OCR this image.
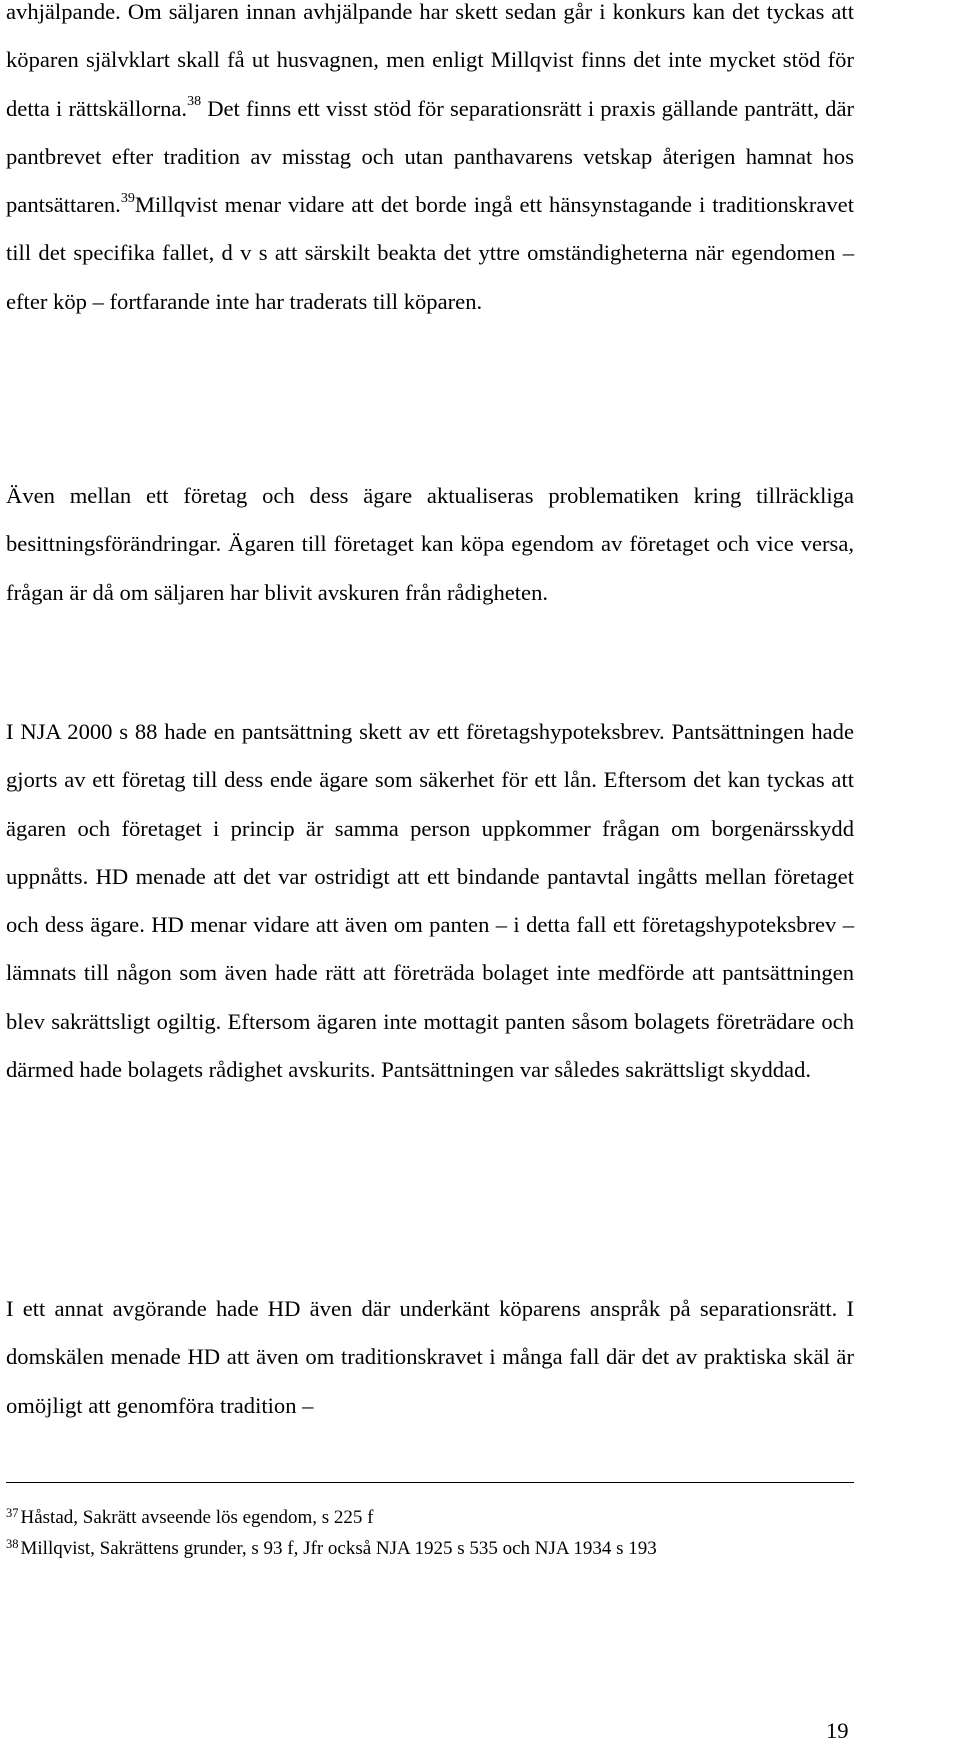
avhjälpande. Om säljaren innan avhjälpande har skett sedan går i konkurs kan det tyckas att köparen självklart skall få ut husvagnen, men enligt Millqvist finns det inte mycket stöd för detta i rättskällorna.$^{38}$ Det finns ett visst stöd för separationsrätt i praxis gällande panträtt, där pantbrevet efter tradition av misstag och utan panthavarens vetskap återigen hamnat hos pantsättaren.$^{39}$Millqvist menar vidare att det borde ingå ett hänsynstagande i traditionskravet till det specifika fallet, d v s att särskilt beakta det yttre omständigheterna när egendomen – efter köp – fortfarande inte har traderats till köparen.

Även mellan ett företag och dess ägare aktualiseras problematiken kring tillräckliga besittningsförändringar. Ägaren till företaget kan köpa egendom av företaget och vice versa, frågan är då om säljaren har blivit avskuren från rådigheten.

I NJA 2000 s 88 hade en pantsättning skett av ett företagshypoteksbrev. Pantsättningen hade gjorts av ett företag till dess ende ägare som säkerhet för ett lån. Eftersom det kan tyckas att ägaren och företaget i princip är samma person uppkommer frågan om borgenärsskydd uppnåtts. HD menade att det var ostridigt att ett bindande pantavtal ingåtts mellan företaget och dess ägare. HD menar vidare att även om panten – i detta fall ett företagshypoteksbrev – lämnats till någon som även hade rätt att företräda bolaget inte medförde att pantsättningen blev sakrättsligt ogiltig. Eftersom ägaren inte mottagit panten såsom bolagets företrädare och därmed hade bolagets rådighet avskurits. Pantsättningen var således sakrättsligt skyddad.

I ett annat avgörande hade HD även där underkänt köparens anspråk på separationsrätt. I domskälen menade HD att även om traditionskravet i många fall där det av praktiska skäl är omöjligt att genomföra tradition –

$^{37}$ Håstad, Sakrätt avseende lös egendom, s 225 f
$^{38}$ Millqvist, Sakrättens grunder, s 93 f, Jfr också NJA 1925 s 535 och NJA 1934 s 193
19
